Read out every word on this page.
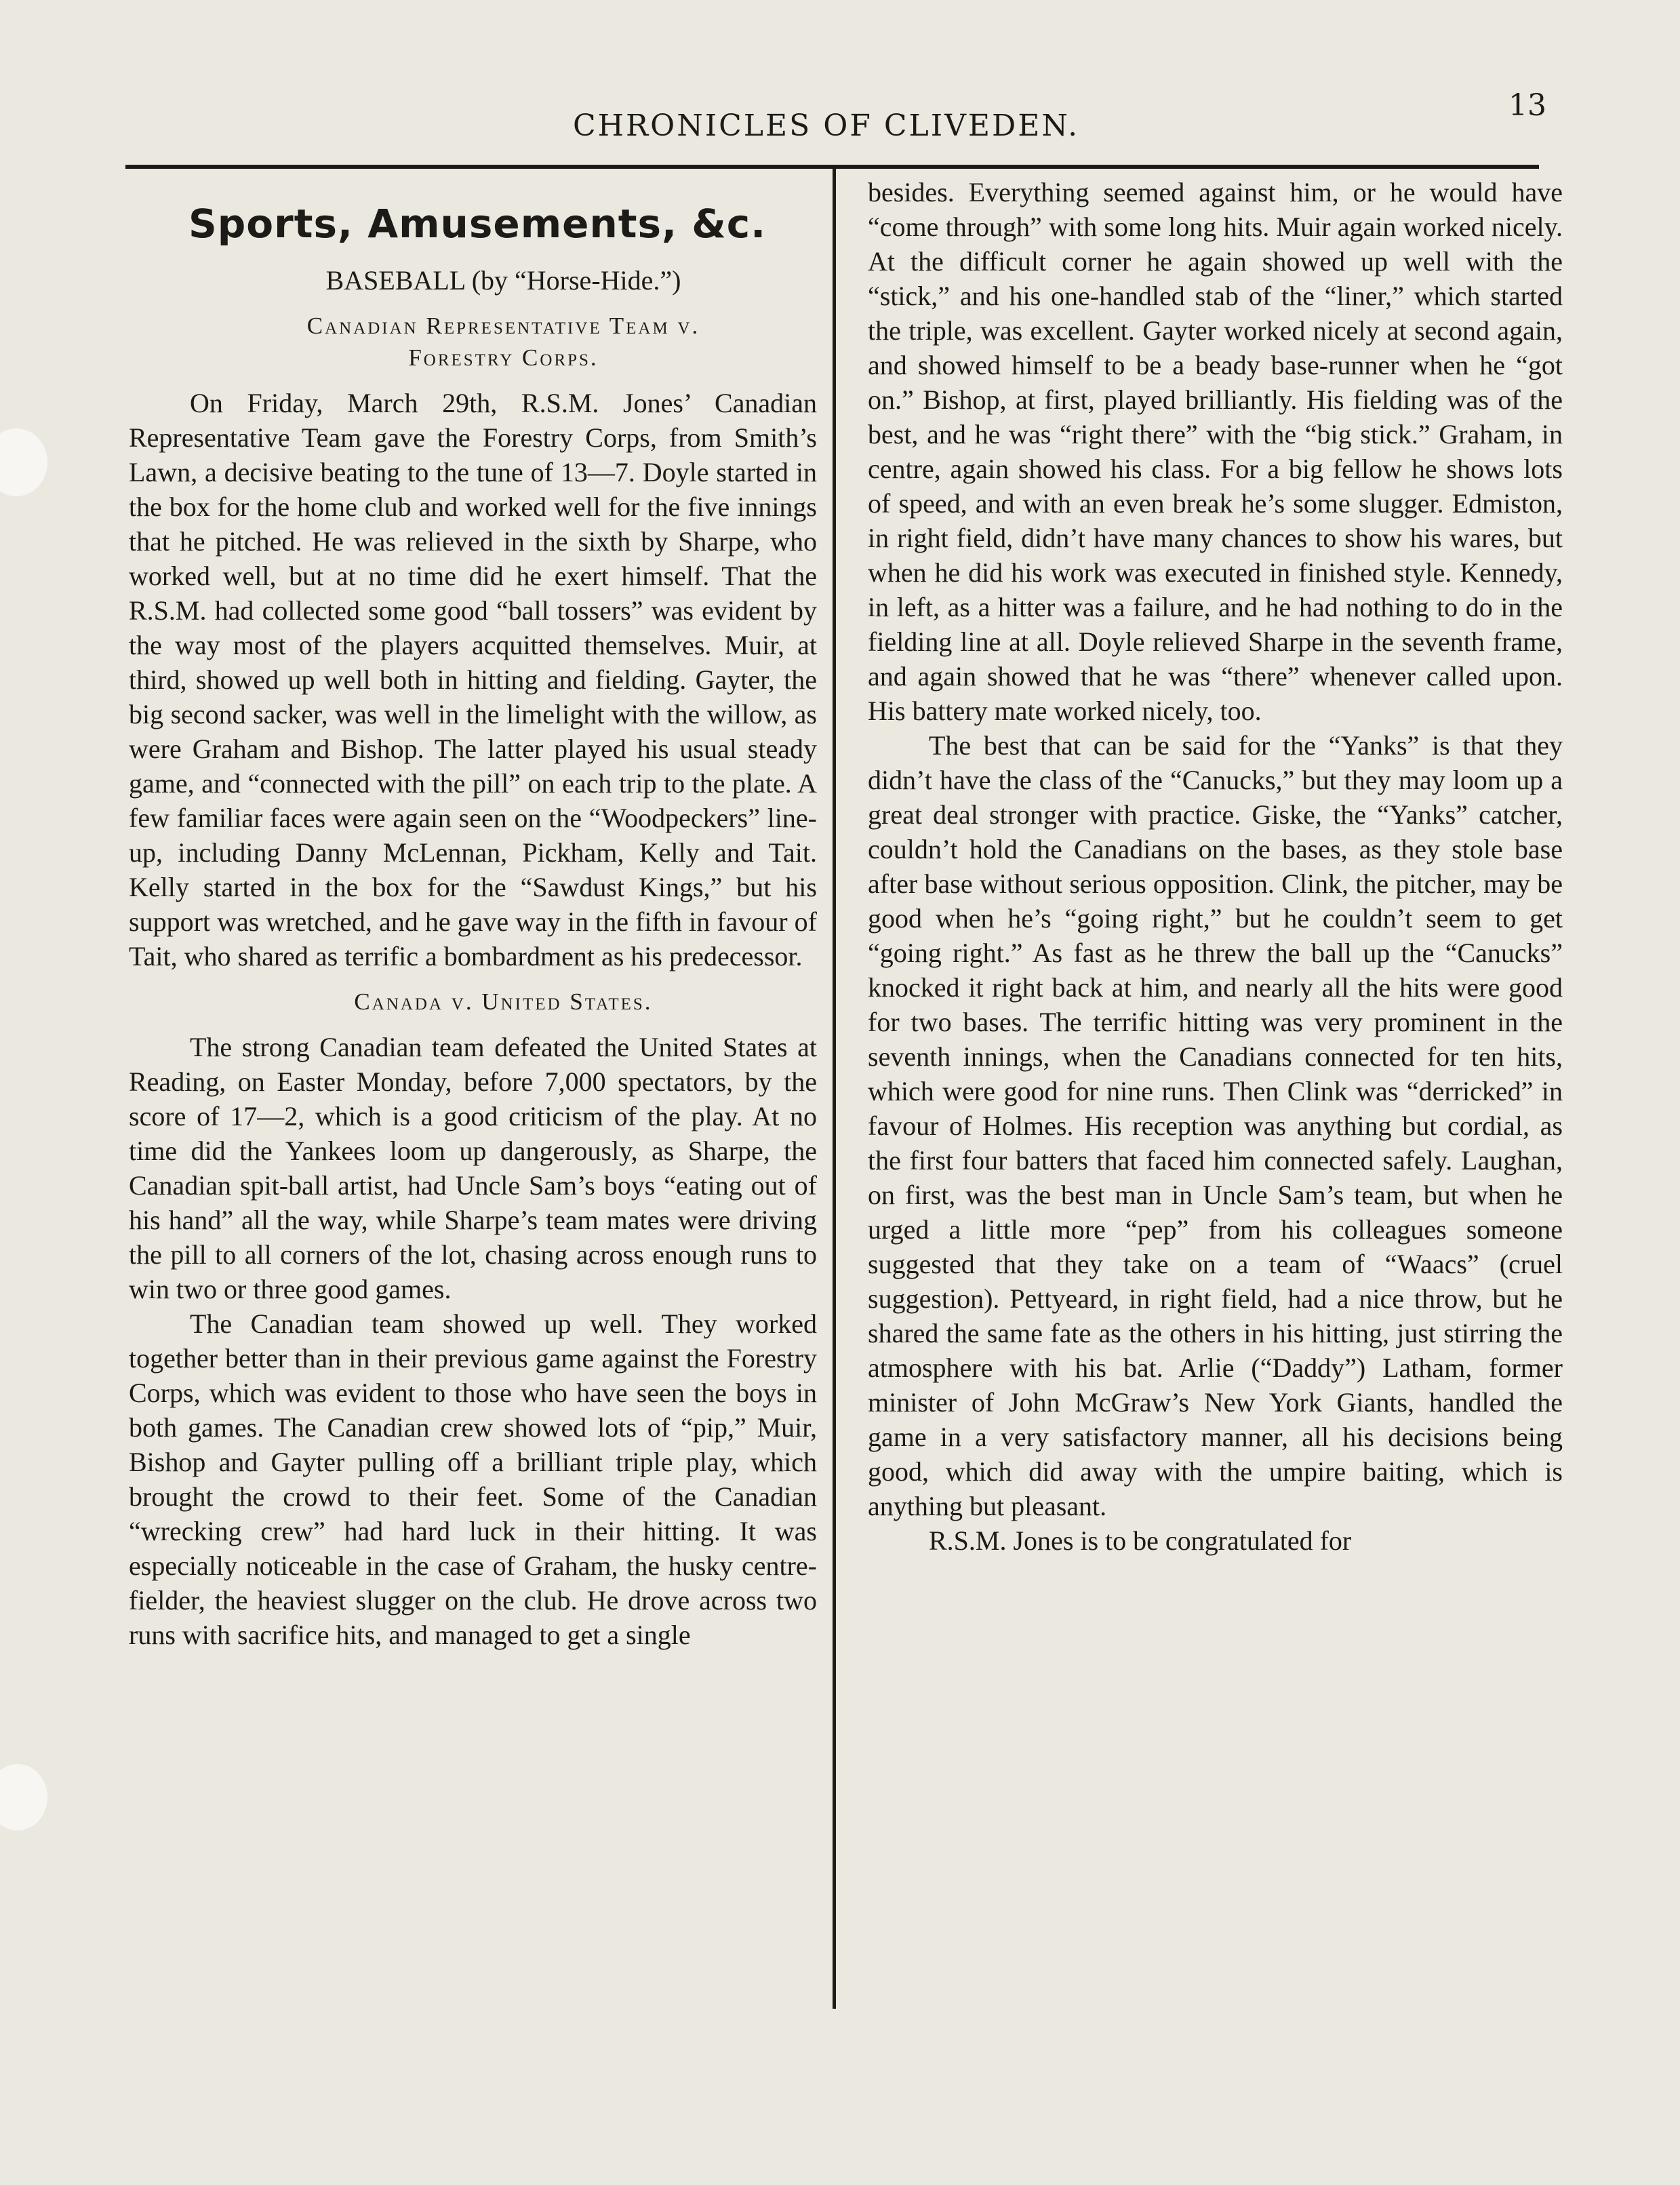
CHRONICLES OF CLIVEDEN.
13
Sports, Amusements, &c.

BASEBALL (by “Horse-Hide.”)

Canadian Representative Team v.

Forestry Corps.

On Friday, March 29th, R.S.M. Jones’ Canadian Representative Team gave the Forestry Corps, from Smith’s Lawn, a decisive beating to the tune of 13—7. Doyle started in the box for the home club and worked well for the five innings that he pitched. He was relieved in the sixth by Sharpe, who worked well, but at no time did he exert himself. That the R.S.M. had collected some good “ball tossers” was evident by the way most of the players acquitted themselves. Muir, at third, showed up well both in hitting and fielding. Gayter, the big second sacker, was well in the limelight with the willow, as were Graham and Bishop. The latter played his usual steady game, and “connected with the pill” on each trip to the plate. A few familiar faces were again seen on the “Woodpeckers” line-up, including Danny McLennan, Pickham, Kelly and Tait. Kelly started in the box for the “Sawdust Kings,” but his support was wretched, and he gave way in the fifth in favour of Tait, who shared as terrific a bombardment as his predecessor.

Canada v. United States.

The strong Canadian team defeated the United States at Reading, on Easter Monday, before 7,000 spectators, by the score of 17—2, which is a good criticism of the play. At no time did the Yankees loom up dangerously, as Sharpe, the Canadian spit-ball artist, had Uncle Sam’s boys “eating out of his hand” all the way, while Sharpe’s team mates were driving the pill to all corners of the lot, chasing across enough runs to win two or three good games.

The Canadian team showed up well. They worked together better than in their previous game against the Forestry Corps, which was evident to those who have seen the boys in both games. The Canadian crew showed lots of “pip,” Muir, Bishop and Gayter pulling off a brilliant triple play, which brought the crowd to their feet. Some of the Canadian “wrecking crew” had hard luck in their hitting. It was especially noticeable in the case of Graham, the husky centre-fielder, the heaviest slugger on the club. He drove across two runs with sacrifice hits, and managed to get a single

besides. Everything seemed against him, or he would have “come through” with some long hits. Muir again worked nicely. At the difficult corner he again showed up well with the “stick,” and his one-handled stab of the “liner,” which started the triple, was excellent. Gayter worked nicely at second again, and showed himself to be a beady base-runner when he “got on.” Bishop, at first, played brilliantly. His fielding was of the best, and he was “right there” with the “big stick.” Graham, in centre, again showed his class. For a big fellow he shows lots of speed, and with an even break he’s some slugger. Edmiston, in right field, didn’t have many chances to show his wares, but when he did his work was executed in finished style. Kennedy, in left, as a hitter was a failure, and he had nothing to do in the fielding line at all. Doyle relieved Sharpe in the seventh frame, and again showed that he was “there” whenever called upon. His battery mate worked nicely, too.

The best that can be said for the “Yanks” is that they didn’t have the class of the “Canucks,” but they may loom up a great deal stronger with practice. Giske, the “Yanks” catcher, couldn’t hold the Canadians on the bases, as they stole base after base without serious opposition. Clink, the pitcher, may be good when he’s “going right,” but he couldn’t seem to get “going right.” As fast as he threw the ball up the “Canucks” knocked it right back at him, and nearly all the hits were good for two bases. The terrific hitting was very prominent in the seventh innings, when the Canadians connected for ten hits, which were good for nine runs. Then Clink was “derricked” in favour of Holmes. His reception was anything but cordial, as the first four batters that faced him connected safely. Laughan, on first, was the best man in Uncle Sam’s team, but when he urged a little more “pep” from his colleagues someone suggested that they take on a team of “Waacs” (cruel suggestion). Pettyeard, in right field, had a nice throw, but he shared the same fate as the others in his hitting, just stirring the atmosphere with his bat. Arlie (“Daddy”) Latham, former minister of John McGraw’s New York Giants, handled the game in a very satisfactory manner, all his decisions being good, which did away with the umpire baiting, which is anything but pleasant.

R.S.M. Jones is to be congratulated for
